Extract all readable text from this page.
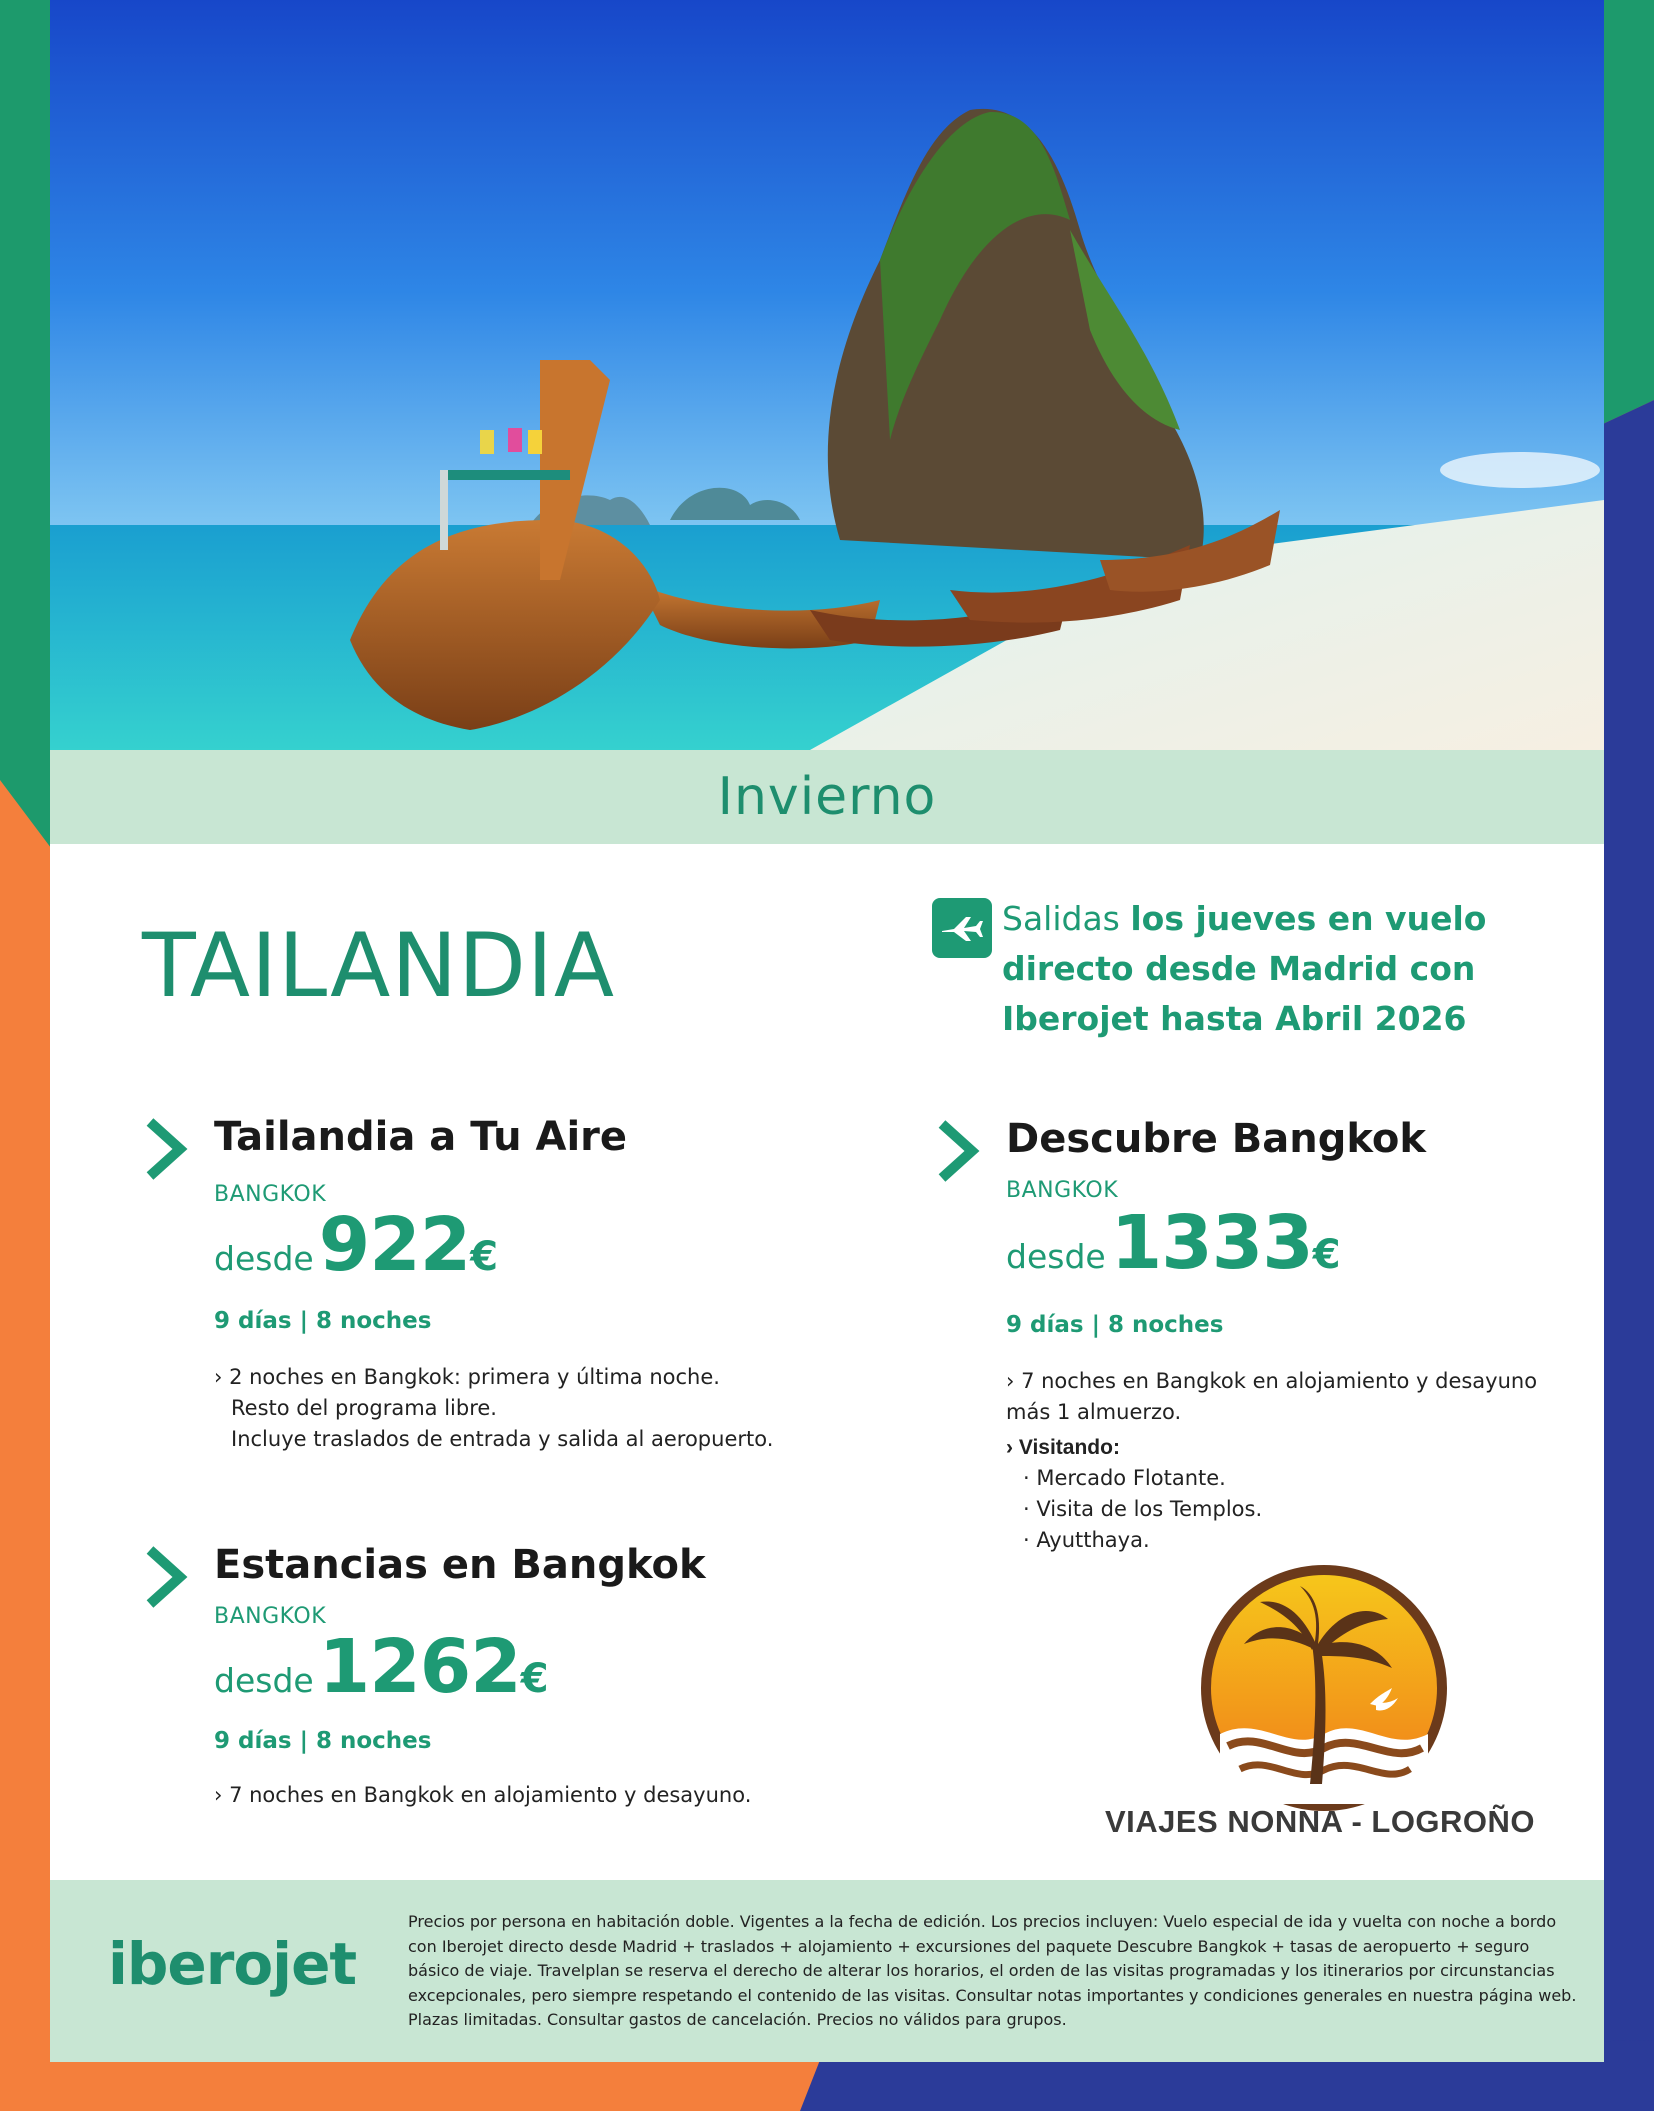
Invierno
TAILANDIA	Salidas los jueves en vuelo directo desde Madrid con Iberojet hasta Abril 2026
Tailandia a Tu Aire
BANGKOK
desde 922€
9 días | 8 noches
› 2 noches en Bangkok: primera y última noche.
Resto del programa libre.
Incluye traslados de entrada y salida al aeropuerto.
Estancias en Bangkok
BANGKOK
desde 1262€
9 días | 8 noches
› 7 noches en Bangkok en alojamiento y desayuno.
Descubre Bangkok
BANGKOK
desde 1333€
9 días | 8 noches
› 7 noches en Bangkok en alojamiento y desayuno
más 1 almuerzo.
› Visitando:
· Mercado Flotante.
· Visita de los Templos.
· Ayutthaya.
VIAJES NONNA - LOGROÑO
iberojet
Precios por persona en habitación doble. Vigentes a la fecha de edición. Los precios incluyen: Vuelo especial de ida y vuelta con noche a bordo con Iberojet directo desde Madrid + traslados + alojamiento + excursiones del paquete Descubre Bangkok + tasas de aeropuerto + seguro básico de viaje. Travelplan se reserva el derecho de alterar los horarios, el orden de las visitas programadas y los itinerarios por circunstancias excepcionales, pero siempre respetando el contenido de las visitas. Consultar notas importantes y condiciones generales en nuestra página web. Plazas limitadas. Consultar gastos de cancelación. Precios no válidos para grupos.
